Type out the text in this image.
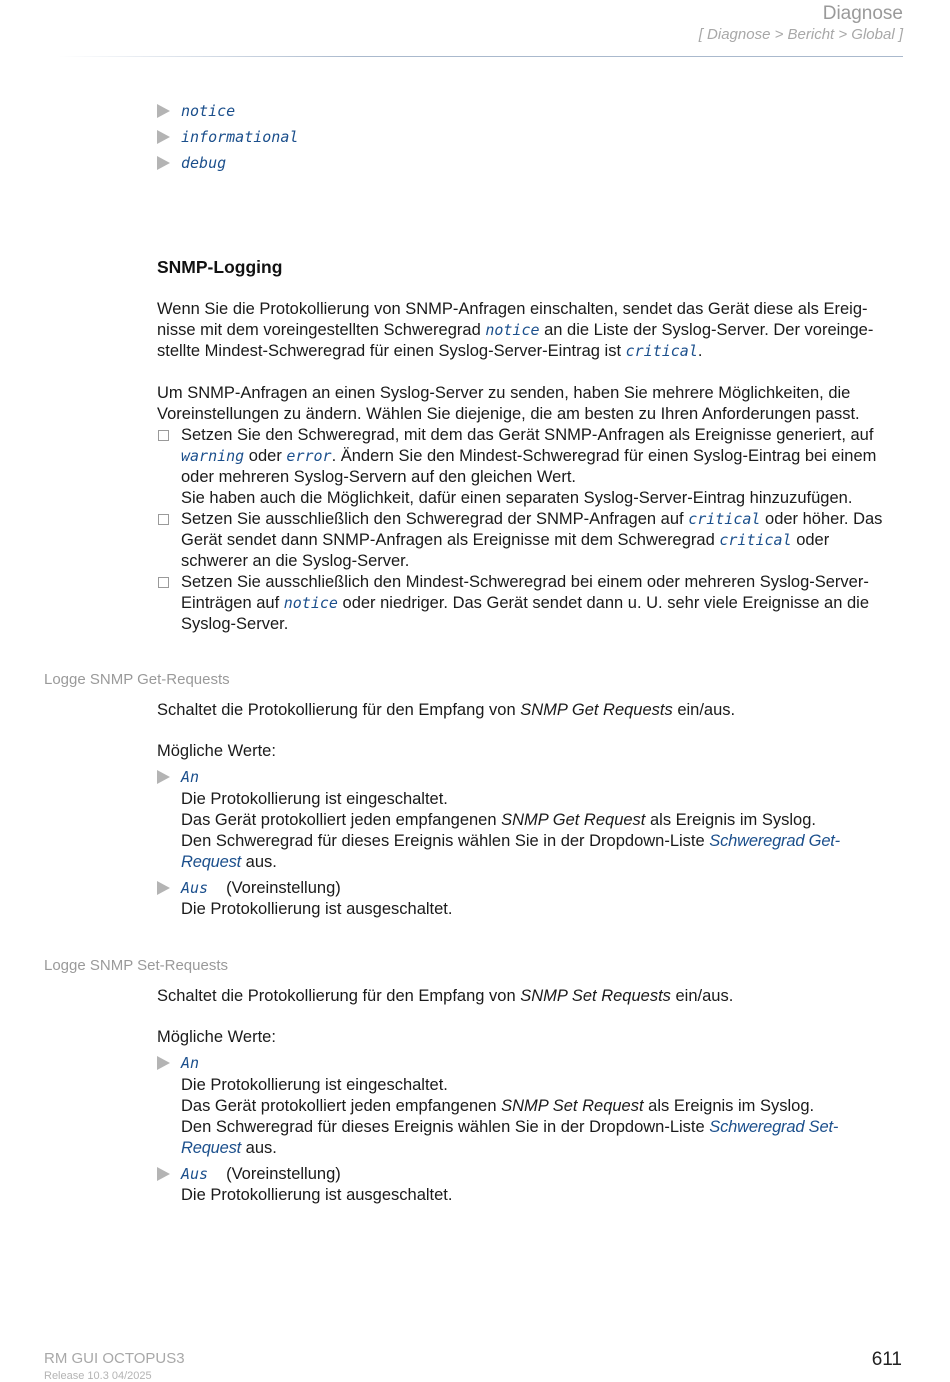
Diagnose
[ Diagnose > Bericht > Global ]
notice
informational
debug
SNMP-Logging
Wenn Sie die Protokollierung von SNMP-Anfragen einschalten, sendet das Gerät diese als Ereig-
nisse mit dem voreingestellten Schweregrad notice an die Liste der Syslog-Server. Der voreinge-
stellte Mindest-Schweregrad für einen Syslog-Server-Eintrag ist critical.
Um SNMP-Anfragen an einen Syslog-Server zu senden, haben Sie mehrere Möglichkeiten, die
Voreinstellungen zu ändern. Wählen Sie diejenige, die am besten zu Ihren Anforderungen passt.
Setzen Sie den Schweregrad, mit dem das Gerät SNMP-Anfragen als Ereignisse generiert, auf
warning oder error. Ändern Sie den Mindest-Schweregrad für einen Syslog-Eintrag bei einem
oder mehreren Syslog-Servern auf den gleichen Wert.
Sie haben auch die Möglichkeit, dafür einen separaten Syslog-Server-Eintrag hinzuzufügen.
Setzen Sie ausschließlich den Schweregrad der SNMP-Anfragen auf critical oder höher. Das
Gerät sendet dann SNMP-Anfragen als Ereignisse mit dem Schweregrad critical oder
schwerer an die Syslog-Server.
Setzen Sie ausschließlich den Mindest-Schweregrad bei einem oder mehreren Syslog-Server-
Einträgen auf notice oder niedriger. Das Gerät sendet dann u. U. sehr viele Ereignisse an die
Syslog-Server.
Logge SNMP Get-Requests
Schaltet die Protokollierung für den Empfang von SNMP Get Requests ein/aus.
Mögliche Werte:
An
Die Protokollierung ist eingeschaltet.
Das Gerät protokolliert jeden empfangenen SNMP Get Request als Ereignis im Syslog.
Den Schweregrad für dieses Ereignis wählen Sie in der Dropdown-Liste Schweregrad Get-
Request aus.
Aus (Voreinstellung)
Die Protokollierung ist ausgeschaltet.
Logge SNMP Set-Requests
Schaltet die Protokollierung für den Empfang von SNMP Set Requests ein/aus.
Mögliche Werte:
An
Die Protokollierung ist eingeschaltet.
Das Gerät protokolliert jeden empfangenen SNMP Set Request als Ereignis im Syslog.
Den Schweregrad für dieses Ereignis wählen Sie in der Dropdown-Liste Schweregrad Set-
Request aus.
Aus (Voreinstellung)
Die Protokollierung ist ausgeschaltet.
RM GUI OCTOPUS3
Release 10.3 04/2025
611
